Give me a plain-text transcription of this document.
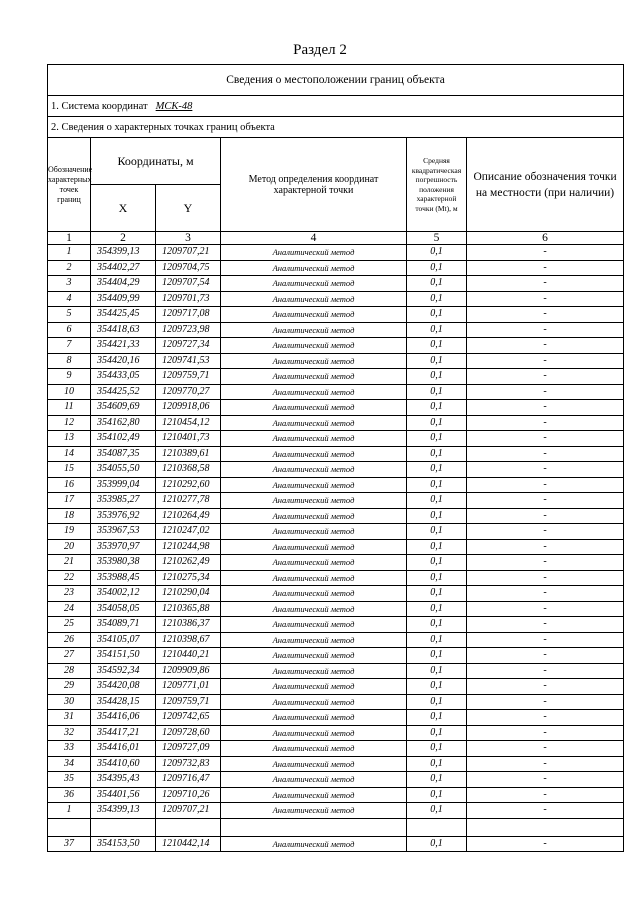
Раздел 2
Сведения о местоположении границ объекта					
1. Система координат МСК-48					
2. Сведения о характерных точках границ объекта					
Обозначение характерных точек границ	Координаты, м		Метод определения координат характерной точки	Средняя квадратическая погрешность положения характерной точки (Mt), м	Описание обозначения точки на местности (при наличии)
	X	Y			
1	2	3	4	5	6
1	354399,13	1209707,21	Аналитический метод	0,1	-
2	354402,27	1209704,75	Аналитический метод	0,1	-
3	354404,29	1209707,54	Аналитический метод	0,1	-
4	354409,99	1209701,73	Аналитический метод	0,1	-
5	354425,45	1209717,08	Аналитический метод	0,1	-
6	354418,63	1209723,98	Аналитический метод	0,1	-
7	354421,33	1209727,34	Аналитический метод	0,1	-
8	354420,16	1209741,53	Аналитический метод	0,1	-
9	354433,05	1209759,71	Аналитический метод	0,1	-
10	354425,52	1209770,27	Аналитический метод	0,1	-
11	354609,69	1209918,06	Аналитический метод	0,1	-
12	354162,80	1210454,12	Аналитический метод	0,1	-
13	354102,49	1210401,73	Аналитический метод	0,1	-
14	354087,35	1210389,61	Аналитический метод	0,1	-
15	354055,50	1210368,58	Аналитический метод	0,1	-
16	353999,04	1210292,60	Аналитический метод	0,1	-
17	353985,27	1210277,78	Аналитический метод	0,1	-
18	353976,92	1210264,49	Аналитический метод	0,1	-
19	353967,53	1210247,02	Аналитический метод	0,1	-
20	353970,97	1210244,98	Аналитический метод	0,1	-
21	353980,38	1210262,49	Аналитический метод	0,1	-
22	353988,45	1210275,34	Аналитический метод	0,1	-
23	354002,12	1210290,04	Аналитический метод	0,1	-
24	354058,05	1210365,88	Аналитический метод	0,1	-
25	354089,71	1210386,37	Аналитический метод	0,1	-
26	354105,07	1210398,67	Аналитический метод	0,1	-
27	354151,50	1210440,21	Аналитический метод	0,1	-
28	354592,34	1209909,86	Аналитический метод	0,1	-
29	354420,08	1209771,01	Аналитический метод	0,1	-
30	354428,15	1209759,71	Аналитический метод	0,1	-
31	354416,06	1209742,65	Аналитический метод	0,1	-
32	354417,21	1209728,60	Аналитический метод	0,1	-
33	354416,01	1209727,09	Аналитический метод	0,1	-
34	354410,60	1209732,83	Аналитический метод	0,1	-
35	354395,43	1209716,47	Аналитический метод	0,1	-
36	354401,56	1209710,26	Аналитический метод	0,1	-
1	354399,13	1209707,21	Аналитический метод	0,1	-

37	354153,50	1210442,14	Аналитический метод	0,1	-
